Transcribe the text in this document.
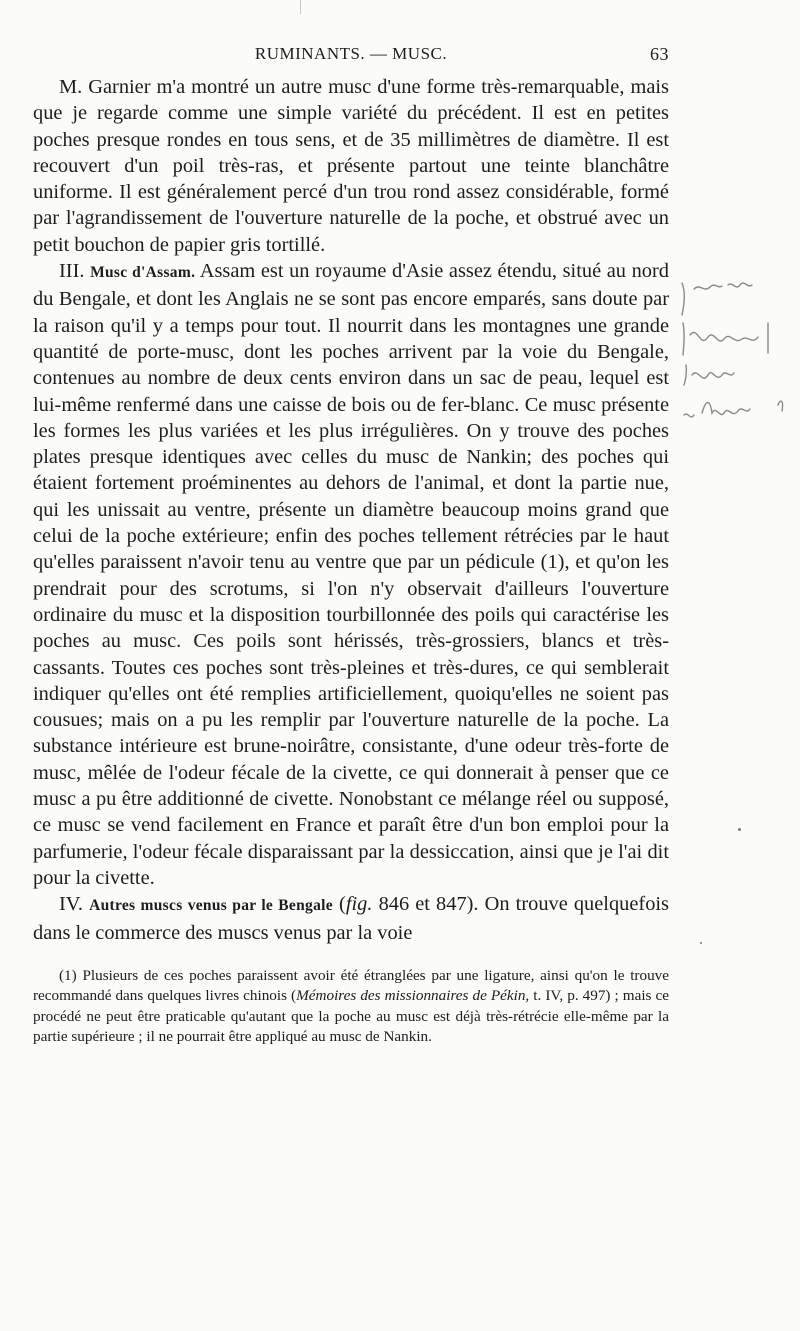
RUMINANTS. — MUSC.	63

M. Garnier m'a montré un autre musc d'une forme très-remarquable, mais que je regarde comme une simple variété du précédent. Il est en petites poches presque rondes en tous sens, et de 35 millimètres de diamètre. Il est recouvert d'un poil très-ras, et présente partout une teinte blanchâtre uniforme. Il est généralement percé d'un trou rond assez considérable, formé par l'agrandissement de l'ouverture naturelle de la poche, et obstrué avec un petit bouchon de papier gris tortillé.

III. Musc d'Assam. Assam est un royaume d'Asie assez étendu, situé au nord du Bengale, et dont les Anglais ne se sont pas encore emparés, sans doute par la raison qu'il y a temps pour tout. Il nourrit dans les montagnes une grande quantité de porte-musc, dont les poches arrivent par la voie du Bengale, contenues au nombre de deux cents environ dans un sac de peau, lequel est lui-même renfermé dans une caisse de bois ou de fer-blanc. Ce musc présente les formes les plus variées et les plus irrégulières. On y trouve des poches plates presque identiques avec celles du musc de Nankin; des poches qui étaient fortement proéminentes au dehors de l'animal, et dont la partie nue, qui les unissait au ventre, présente un diamètre beaucoup moins grand que celui de la poche extérieure; enfin des poches tellement rétrécies par le haut qu'elles paraissent n'avoir tenu au ventre que par un pédicule (1), et qu'on les prendrait pour des scrotums, si l'on n'y observait d'ailleurs l'ouverture ordinaire du musc et la disposition tourbillonnée des poils qui caractérise les poches au musc. Ces poils sont hérissés, très-grossiers, blancs et très-cassants. Toutes ces poches sont très-pleines et très-dures, ce qui semblerait indiquer qu'elles ont été remplies artificiellement, quoiqu'elles ne soient pas cousues; mais on a pu les remplir par l'ouverture naturelle de la poche. La substance intérieure est brune-noirâtre, consistante, d'une odeur très-forte de musc, mêlée de l'odeur fécale de la civette, ce qui donnerait à penser que ce musc a pu être additionné de civette. Nonobstant ce mélange réel ou supposé, ce musc se vend facilement en France et paraît être d'un bon emploi pour la parfumerie, l'odeur fécale disparaissant par la dessiccation, ainsi que je l'ai dit pour la civette.

IV. Autres muscs venus par le Bengale (fig. 846 et 847). On trouve quelquefois dans le commerce des muscs venus par la voie

(1) Plusieurs de ces poches paraissent avoir été étranglées par une ligature, ainsi qu'on le trouve recommandé dans quelques livres chinois (Mémoires des missionnaires de Pékin, t. IV, p. 497) ; mais ce procédé ne peut être praticable qu'autant que la poche au musc est déjà très-rétrécie elle-même par la partie supérieure ; il ne pourrait être appliqué au musc de Nankin.
